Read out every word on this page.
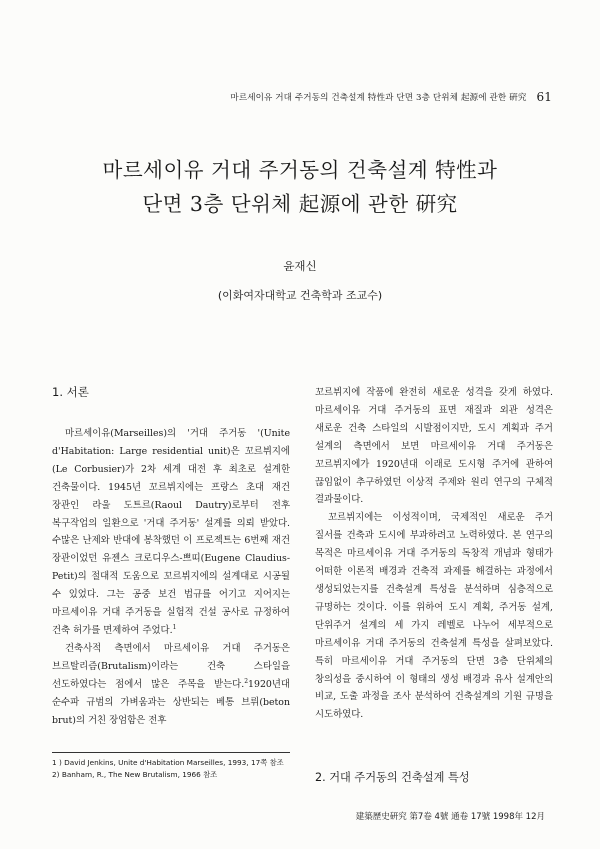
마르세이유 거대 주거동의 건축설계 特性과 단면 3층 단위체 起源에 관한 硏究 61
마르세이유 거대 주거동의 건축설계 特性과
단면 3층 단위체 起源에 관한 硏究
윤재신
(이화여자대학교 건축학과 조교수)
1. 서론

마르세이유(Marseilles)의 '거대 주거동 '(Unite d'Habitation: Large residential unit)은 꼬르뷔지에(Le Corbusier)가 2차 세계 대전 후 최초로 설계한 건축물이다. 1945년 꼬르뷔지에는 프랑스 초대 재건 장관인 라울 도트르(Raoul Dautry)로부터 전후 복구작업의 일환으로 '거대 주거동' 설계를 의뢰 받았다. 수많은 난제와 반대에 봉착했던 이 프로젝트는 6번째 재건 장관이었던 유젠스 크로디우스-쁘띠(Eugene Claudius-Petit)의 절대적 도움으로 꼬르뷔지에의 설계대로 시공될 수 있었다. 그는 공중 보건 법규를 어기고 지어지는 마르세이유 거대 주거동을 실험적 건설 공사로 규정하여 건축 허가를 면제하여 주었다.$^1$

건축사적 측면에서 마르세이유 거대 주거동은 브르탈리즘(Brutalism)이라는 건축 스타일을 선도하였다는 점에서 많은 주목을 받는다.$^2$1920년대 순수파 규범의 가벼움과는 상반되는 베통 브뤼(beton brut)의 거친 장엄함은 전후

꼬르뷔지에 작품에 완전히 새로운 성격을 갖게 하였다. 마르세이유 거대 주거동의 표면 재질과 외관 성격은 새로운 건축 스타일의 시발점이지만, 도시 계획과 주거 설계의 측면에서 보면 마르세이유 거대 주거동은 꼬르뷔지에가 1920년대 이래로 도시형 주거에 관하여 끊임없이 추구하였던 이상적 주제와 원리 연구의 구체적 결과물이다.

꼬르뷔지에는 이성적이며, 국제적인 새로운 주거 질서를 건축과 도시에 부과하려고 노력하였다. 본 연구의 목적은 마르세이유 거대 주거동의 독창적 개념과 형태가 어떠한 이론적 배경과 건축적 과제를 해결하는 과정에서 생성되었는지를 건축설계 특성을 분석하며 심층적으로 규명하는 것이다. 이를 위하여 도시 계획, 주거동 설계, 단위주거 설계의 세 가지 레벨로 나누어 세부적으로 마르세이유 거대 주거동의 건축설계 특성을 살펴보았다. 특히 마르세이유 거대 주거동의 단면 3층 단위체의 창의성을 중시하여 이 형태의 생성 배경과 유사 설계안의 비교, 도출 과정을 조사 분석하여 건축설계의 기원 규명을 시도하였다.

1 ) David Jenkins, Unite d'Habitation Marseilles, 1993, 17쪽 참조
2) Banham, R., The New Brutalism, 1966 참조	2. 거대 주거동의 건축설계 특성
建築歷史硏究 第7卷 4號 通卷 17號 1998年 12月
